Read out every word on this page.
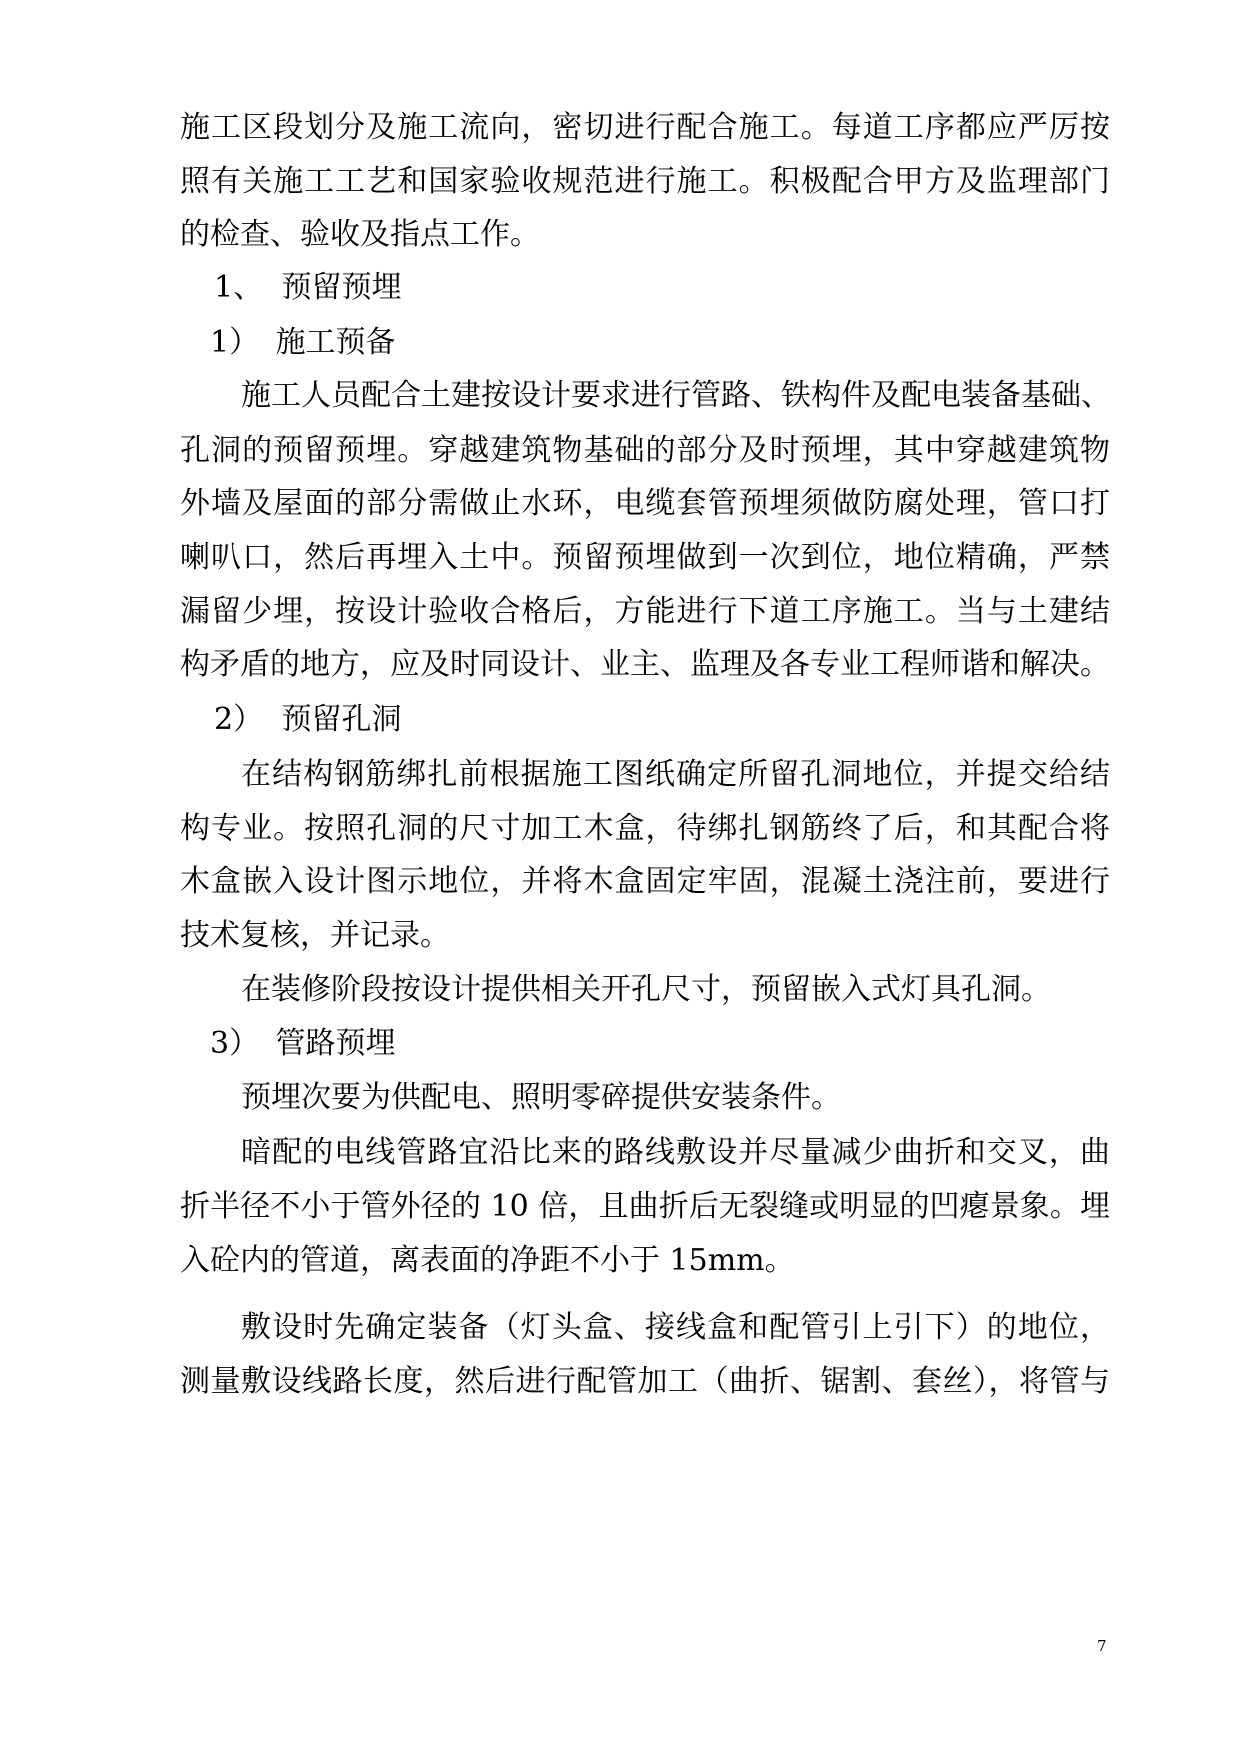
施工区段划分及施工流向，密切进行配合施工。每道工序都应严厉按
照有关施工工艺和国家验收规范进行施工。积极配合甲方及监理部门
的检查、验收及指点工作。
1、 预留预埋
1） 施工预备
施工人员配合土建按设计要求进行管路、铁构件及配电装备基础、
孔洞的预留预埋。穿越建筑物基础的部分及时预埋，其中穿越建筑物
外墙及屋面的部分需做止水环，电缆套管预埋须做防腐处理，管口打
喇叭口，然后再埋入土中。预留预埋做到一次到位，地位精确，严禁
漏留少埋，按设计验收合格后，方能进行下道工序施工。当与土建结
构矛盾的地方，应及时同设计、业主、监理及各专业工程师谐和解决。
2） 预留孔洞
在结构钢筋绑扎前根据施工图纸确定所留孔洞地位，并提交给结
构专业。按照孔洞的尺寸加工木盒，待绑扎钢筋终了后，和其配合将
木盒嵌入设计图示地位，并将木盒固定牢固，混凝土浇注前，要进行
技术复核，并记录。
在装修阶段按设计提供相关开孔尺寸，预留嵌入式灯具孔洞。
3） 管路预埋
预埋次要为供配电、照明零碎提供安装条件。
暗配的电线管路宜沿比来的路线敷设并尽量减少曲折和交叉，曲
折半径不小于管外径的 10 倍，且曲折后无裂缝或明显的凹瘪景象。埋
入砼内的管道，离表面的净距不小于 15mm。
敷设时先确定装备（灯头盒、接线盒和配管引上引下）的地位，
测量敷设线路长度，然后进行配管加工（曲折、锯割、套丝），将管与
7
